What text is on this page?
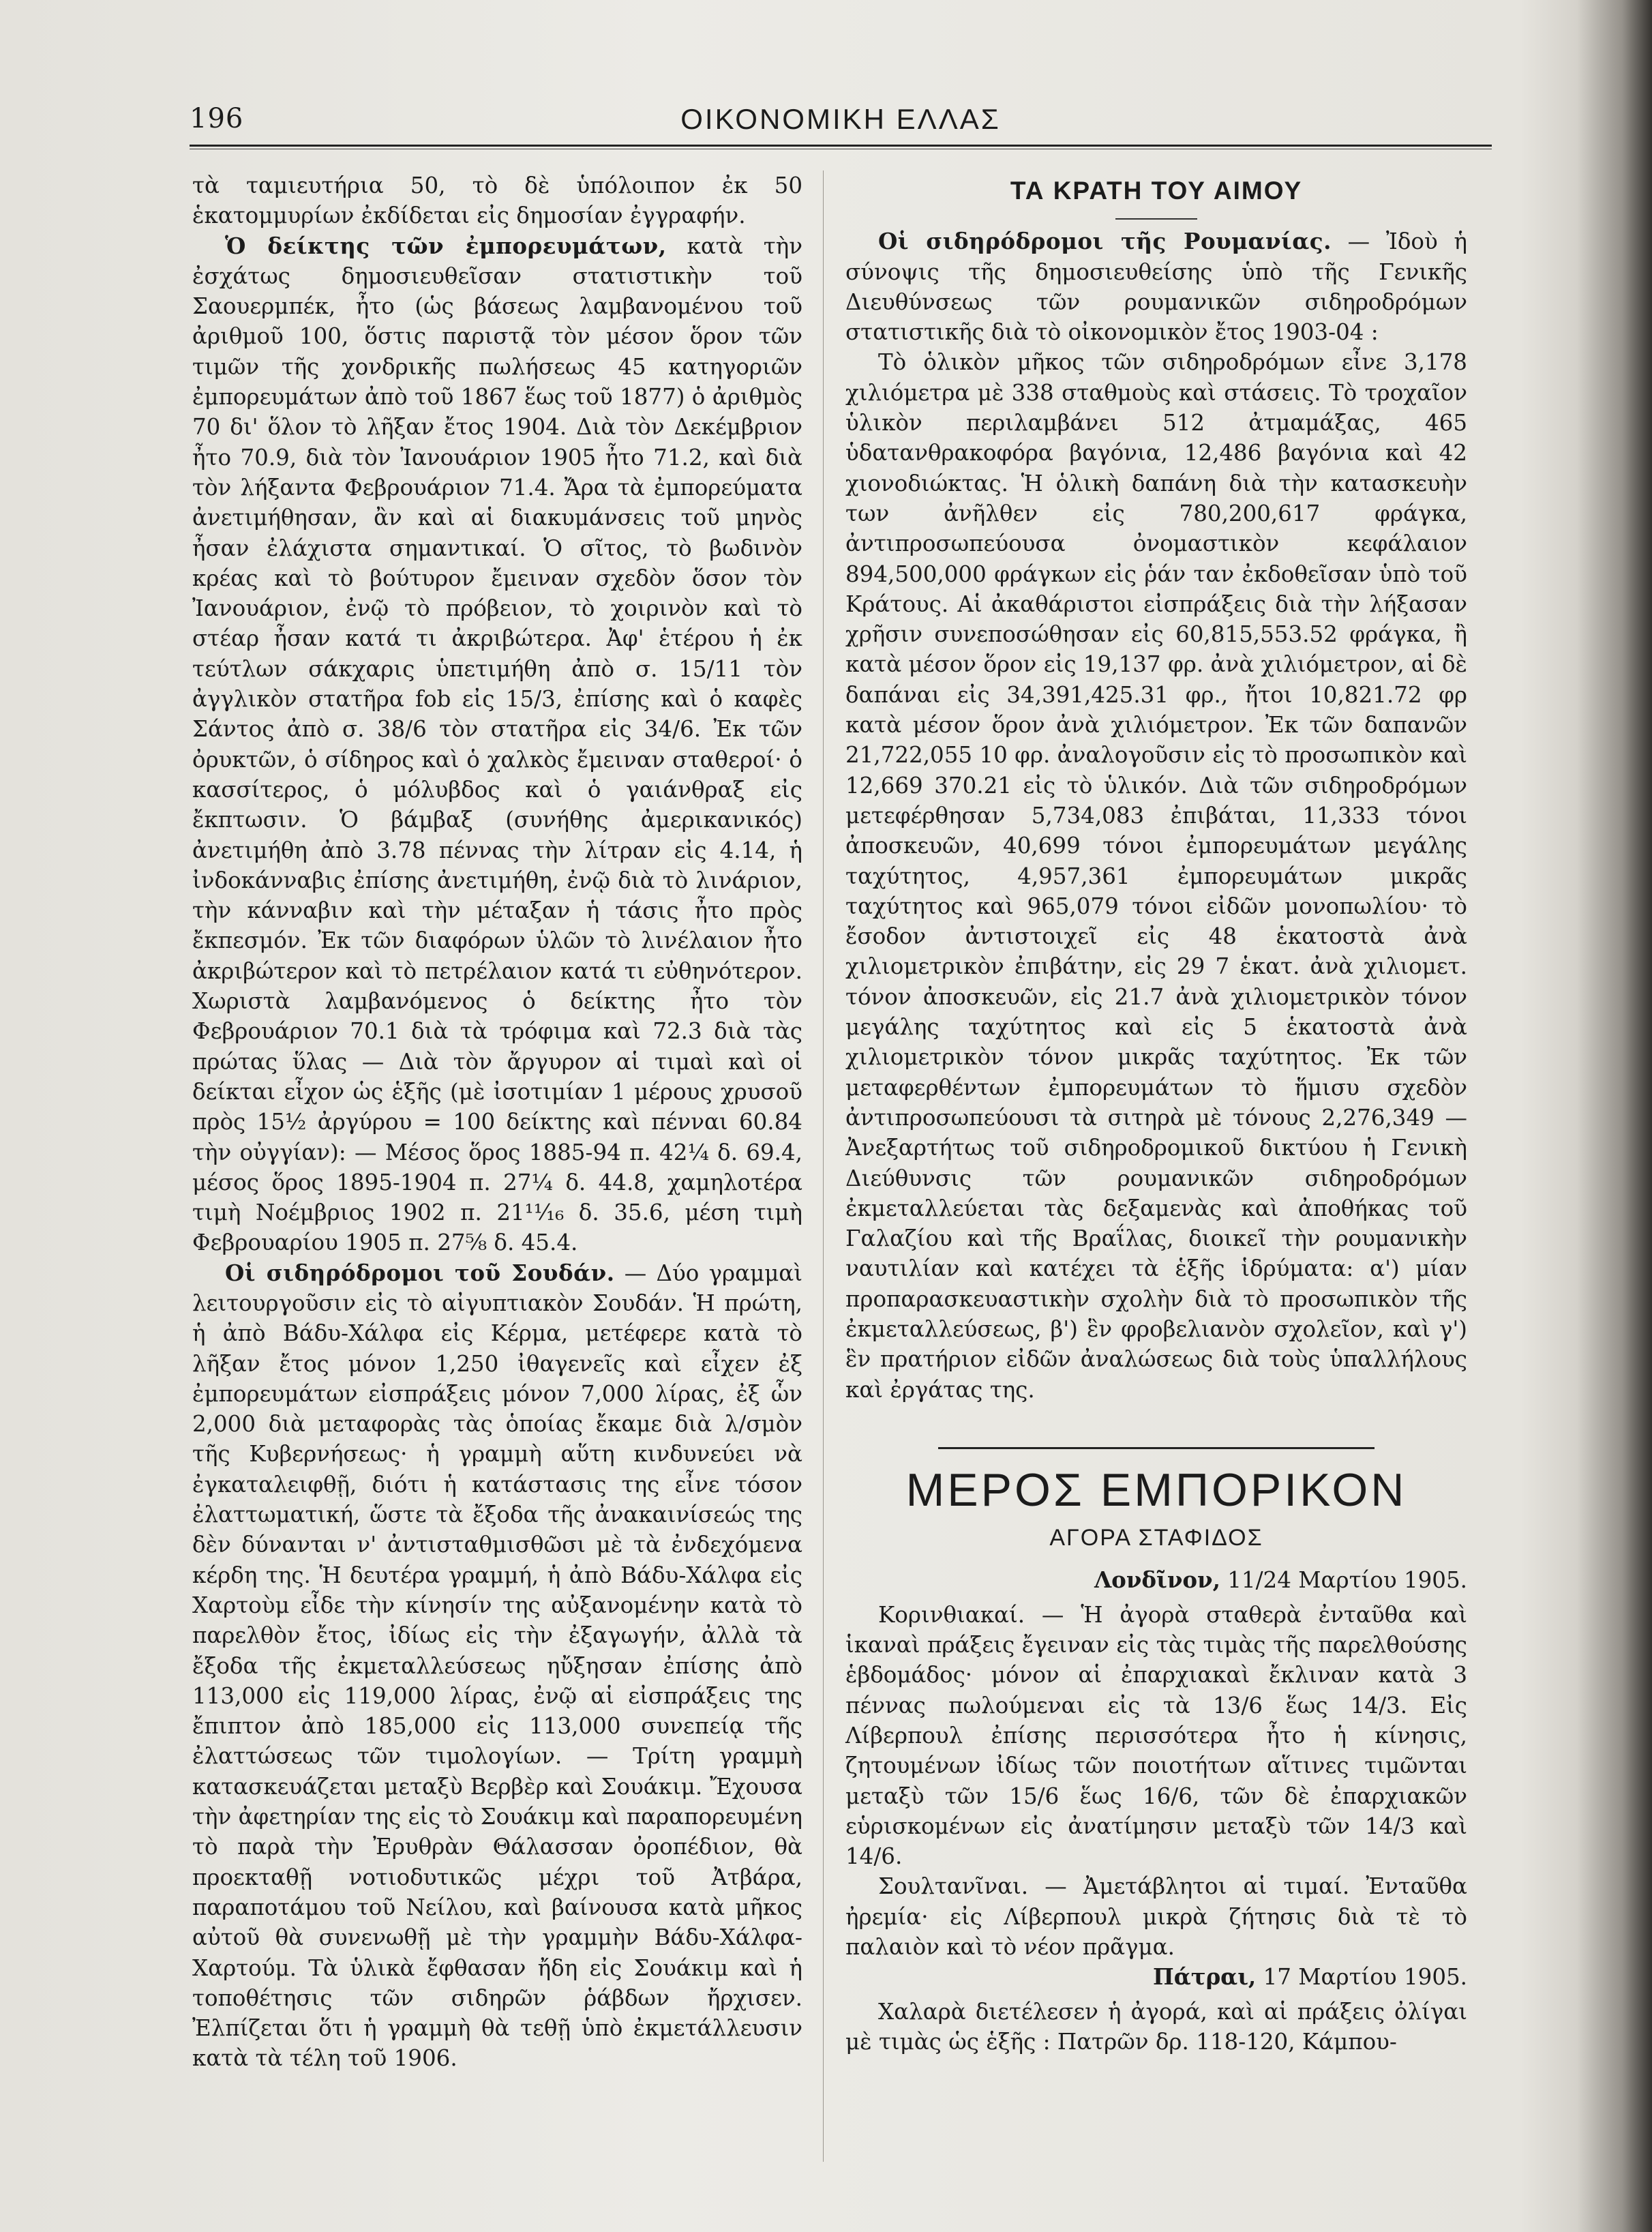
196	ΟΙΚΟΝΟΜΙΚΗ ΕΛΛΑΣ

τὰ ταμιευτήρια 50, τὸ δὲ ὑπόλοιπον ἐκ 50 ἑκατομμυρίων ἐκδίδεται εἰς δημοσίαν ἐγγραφήν.

Ὁ δείκτης τῶν ἐμπορευμάτων, κατὰ τὴν ἐσχάτως δημοσιευθεῖσαν στατιστικὴν τοῦ Σαουερμπέκ, ἦτο (ὡς βάσεως λαμβανομένου τοῦ ἀριθμοῦ 100, ὅστις παριστᾷ τὸν μέσον ὅρον τῶν τιμῶν τῆς χονδρικῆς πωλήσεως 45 κατηγοριῶν ἐμπορευμάτων ἀπὸ τοῦ 1867 ἕως τοῦ 1877) ὁ ἀριθμὸς 70 δι' ὅλον τὸ λῆξαν ἔτος 1904. Διὰ τὸν Δεκέμβριον ἦτο 70.9, διὰ τὸν Ἰανουάριον 1905 ἦτο 71.2, καὶ διὰ τὸν λήξαντα Φεβρουάριον 71.4. Ἄρα τὰ ἐμπορεύματα ἀνετιμήθησαν, ἂν καὶ αἱ διακυμάνσεις τοῦ μηνὸς ἦσαν ἐλάχιστα σημαντικαί. Ὁ σῖτος, τὸ βωδινὸν κρέας καὶ τὸ βούτυρον ἔμειναν σχεδὸν ὅσον τὸν Ἰανουάριον, ἐνῷ τὸ πρόβειον, τὸ χοιρινὸν καὶ τὸ στέαρ ἦσαν κατά τι ἀκριβώτερα. Ἀφ' ἑτέρου ἡ ἐκ τεύτλων σάκχαρις ὑπετιμήθη ἀπὸ σ. 15/11 τὸν ἀγγλικὸν στατῆρα fob εἰς 15/3, ἐπίσης καὶ ὁ καφὲς Σάντος ἀπὸ σ. 38/6 τὸν στατῆρα εἰς 34/6. Ἐκ τῶν ὀρυκτῶν, ὁ σίδηρος καὶ ὁ χαλκὸς ἔμειναν σταθεροί· ὁ κασσίτερος, ὁ μόλυβδος καὶ ὁ γαιάνθραξ εἰς ἔκπτωσιν. Ὁ βάμβαξ (συνήθης ἀμερικανικός) ἀνετιμήθη ἀπὸ 3.78 πέννας τὴν λίτραν εἰς 4.14, ἡ ἰνδοκάνναβις ἐπίσης ἀνετιμήθη, ἐνῷ διὰ τὸ λινάριον, τὴν κάνναβιν καὶ τὴν μέταξαν ἡ τάσις ἦτο πρὸς ἔκπεσμόν. Ἐκ τῶν διαφόρων ὑλῶν τὸ λινέλαιον ἦτο ἀκριβώτερον καὶ τὸ πετρέλαιον κατά τι εὐθηνότερον. Χωριστὰ λαμβανόμενος ὁ δείκτης ἦτο τὸν Φεβρουάριον 70.1 διὰ τὰ τρόφιμα καὶ 72.3 διὰ τὰς πρώτας ὕλας — Διὰ τὸν ἄργυρον αἱ τιμαὶ καὶ οἱ δείκται εἶχον ὡς ἑξῆς (μὲ ἰσοτιμίαν 1 μέρους χρυσοῦ πρὸς 15½ ἀργύρου = 100 δείκτης καὶ πένναι 60.84 τὴν οὐγγίαν): — Μέσος ὅρος 1885-94 π. 42¼ δ. 69.4, μέσος ὅρος 1895-1904 π. 27¼ δ. 44.8, χαμηλοτέρα τιμὴ Νοέμβριος 1902 π. 21¹¹⁄₁₆ δ. 35.6, μέση τιμὴ Φεβρουαρίου 1905 π. 27⅝ δ. 45.4.

Οἱ σιδηρόδρομοι τοῦ Σουδάν. — Δύο γραμμαὶ λειτουργοῦσιν εἰς τὸ αἰγυπτιακὸν Σουδάν. Ἡ πρώτη, ἡ ἀπὸ Βάδυ-Χάλφα εἰς Κέρμα, μετέφερε κατὰ τὸ λῆξαν ἔτος μόνον 1,250 ἰθαγενεῖς καὶ εἶχεν ἐξ ἐμπορευμάτων εἰσπράξεις μόνον 7,000 λίρας, ἐξ ὧν 2,000 διὰ μεταφορὰς τὰς ὁποίας ἔκαμε διὰ λ/σμὸν τῆς Κυβερνήσεως· ἡ γραμμὴ αὕτη κινδυνεύει νὰ ἐγκαταλειφθῇ, διότι ἡ κατάστασις της εἶνε τόσον ἐλαττωματική, ὥστε τὰ ἔξοδα τῆς ἀνακαινίσεώς της δὲν δύνανται ν' ἀντισταθμισθῶσι μὲ τὰ ἐνδεχόμενα κέρδη της. Ἡ δευτέρα γραμμή, ἡ ἀπὸ Βάδυ-Χάλφα εἰς Χαρτοὺμ εἶδε τὴν κίνησίν της αὐξανομένην κατὰ τὸ παρελθὸν ἔτος, ἰδίως εἰς τὴν ἐξαγωγήν, ἀλλὰ τὰ ἔξοδα τῆς ἐκμεταλλεύσεως ηὔξησαν ἐπίσης ἀπὸ 113,000 εἰς 119,000 λίρας, ἐνῷ αἱ εἰσπράξεις της ἔπιπτον ἀπὸ 185,000 εἰς 113,000 συνεπείᾳ τῆς ἐλαττώσεως τῶν τιμολογίων. — Τρίτη γραμμὴ κατασκευάζεται μεταξὺ Βερβὲρ καὶ Σουάκιμ. Ἔχουσα τὴν ἀφετηρίαν της εἰς τὸ Σουάκιμ καὶ παραπορευμένη τὸ παρὰ τὴν Ἐρυθρὰν Θάλασσαν ὀροπέδιον, θὰ προεκταθῇ νοτιοδυτικῶς μέχρι τοῦ Ἀτβάρα, παραποτάμου τοῦ Νείλου, καὶ βαίνουσα κατὰ μῆκος αὐτοῦ θὰ συνενωθῇ μὲ τὴν γραμμὴν Βάδυ-Χάλφα-Χαρτούμ. Τὰ ὑλικὰ ἔφθασαν ἤδη εἰς Σουάκιμ καὶ ἡ τοποθέτησις τῶν σιδηρῶν ῥάβδων ἤρχισεν. Ἐλπίζεται ὅτι ἡ γραμμὴ θὰ τεθῇ ὑπὸ ἐκμετάλλευσιν κατὰ τὰ τέλη τοῦ 1906.

ΤΑ ΚΡΑΤΗ ΤΟΥ ΑΙΜΟΥ

Οἱ σιδηρόδρομοι τῆς Ρουμανίας. — Ἰδοὺ ἡ σύνοψις τῆς δημοσιευθείσης ὑπὸ τῆς Γενικῆς Διευθύνσεως τῶν ρουμανικῶν σιδηροδρόμων στατιστικῆς διὰ τὸ οἰκονομικὸν ἔτος 1903-04 :

Τὸ ὁλικὸν μῆκος τῶν σιδηροδρόμων εἶνε 3,178 χιλιόμετρα μὲ 338 σταθμοὺς καὶ στάσεις. Τὸ τροχαῖον ὑλικὸν περιλαμβάνει 512 ἀτμαμάξας, 465 ὑδατανθρακοφόρα βαγόνια, 12,486 βαγόνια καὶ 42 χιονοδιώκτας. Ἡ ὁλικὴ δαπάνη διὰ τὴν κατασκευὴν των ἀνῆλθεν εἰς 780,200,617 φράγκα, ἀντιπροσωπεύουσα ὀνομαστικὸν κεφάλαιον 894,500,000 φράγκων εἰς ῥάν ταν ἐκδοθεῖσαν ὑπὸ τοῦ Κράτους. Αἱ ἀκαθάριστοι εἰσπράξεις διὰ τὴν λήξασαν χρῆσιν συνεποσώθησαν εἰς 60,815,553.52 φράγκα, ἢ κατὰ μέσον ὅρον εἰς 19,137 φρ. ἀνὰ χιλιόμετρον, αἱ δὲ δαπάναι εἰς 34,391,425.31 φρ., ἤτοι 10,821.72 φρ κατὰ μέσον ὅρον ἀνὰ χιλιόμετρον. Ἐκ τῶν δαπανῶν 21,722,055 10 φρ. ἀναλογοῦσιν εἰς τὸ προσωπικὸν καὶ 12,669 370.21 εἰς τὸ ὑλικόν. Διὰ τῶν σιδηροδρόμων μετεφέρθησαν 5,734,083 ἐπιβάται, 11,333 τόνοι ἀποσκευῶν, 40,699 τόνοι ἐμπορευμάτων μεγάλης ταχύτητος, 4,957,361 ἐμπορευμάτων μικρᾶς ταχύτητος καὶ 965,079 τόνοι εἰδῶν μονοπωλίου· τὸ ἔσοδον ἀντιστοιχεῖ εἰς 48 ἑκατοστὰ ἀνὰ χιλιομετρικὸν ἐπιβάτην, εἰς 29 7 ἑκατ. ἀνὰ χιλιομετ. τόνον ἀποσκευῶν, εἰς 21.7 ἀνὰ χιλιομετρικὸν τόνον μεγάλης ταχύτητος καὶ εἰς 5 ἑκατοστὰ ἀνὰ χιλιομετρικὸν τόνον μικρᾶς ταχύτητος. Ἐκ τῶν μεταφερθέντων ἐμπορευμάτων τὸ ἥμισυ σχεδὸν ἀντιπροσωπεύουσι τὰ σιτηρὰ μὲ τόνους 2,276,349 — Ἀνεξαρτήτως τοῦ σιδηροδρομικοῦ δικτύου ἡ Γενικὴ Διεύθυνσις τῶν ρουμανικῶν σιδηροδρόμων ἐκμεταλλεύεται τὰς δεξαμενὰς καὶ ἀποθήκας τοῦ Γαλαζίου καὶ τῆς Βραΐλας, διοικεῖ τὴν ρουμανικὴν ναυτιλίαν καὶ κατέχει τὰ ἑξῆς ἱδρύματα: α') μίαν προπαρασκευαστικὴν σχολὴν διὰ τὸ προσωπικὸν τῆς ἐκμεταλλεύσεως, β') ἓν φροβελιανὸν σχολεῖον, καὶ γ') ἓν πρατήριον εἰδῶν ἀναλώσεως διὰ τοὺς ὑπαλλήλους καὶ ἐργάτας της.

ΜΕΡΟΣ ΕΜΠΟΡΙΚΟΝ
ΑΓΟΡΑ ΣΤΑΦΙΔΟΣ

Λονδῖνον, 11/24 Μαρτίου 1905.

Κορινθιακαί. — Ἡ ἀγορὰ σταθερὰ ἐνταῦθα καὶ ἱκαναὶ πράξεις ἔγειναν εἰς τὰς τιμὰς τῆς παρελθούσης ἑβδομάδος· μόνον αἱ ἐπαρχιακαὶ ἔκλιναν κατὰ 3 πέννας πωλούμεναι εἰς τὰ 13/6 ἕως 14/3. Εἰς Λίβερπουλ ἐπίσης περισσότερα ἦτο ἡ κίνησις, ζητουμένων ἰδίως τῶν ποιοτήτων αἵτινες τιμῶνται μεταξὺ τῶν 15/6 ἕως 16/6, τῶν δὲ ἐπαρχιακῶν εὑρισκομένων εἰς ἀνατίμησιν μεταξὺ τῶν 14/3 καὶ 14/6.

Σουλτανῖναι. — Ἀμετάβλητοι αἱ τιμαί. Ἐνταῦθα ἠρεμία· εἰς Λίβερπουλ μικρὰ ζήτησις διὰ τὲ τὸ παλαιὸν καὶ τὸ νέον πρᾶγμα.

Πάτραι, 17 Μαρτίου 1905.

Χαλαρὰ διετέλεσεν ἡ ἀγορά, καὶ αἱ πράξεις ὀλίγαι μὲ τιμὰς ὡς ἑξῆς : Πατρῶν δρ. 118-120, Κάμπου-
